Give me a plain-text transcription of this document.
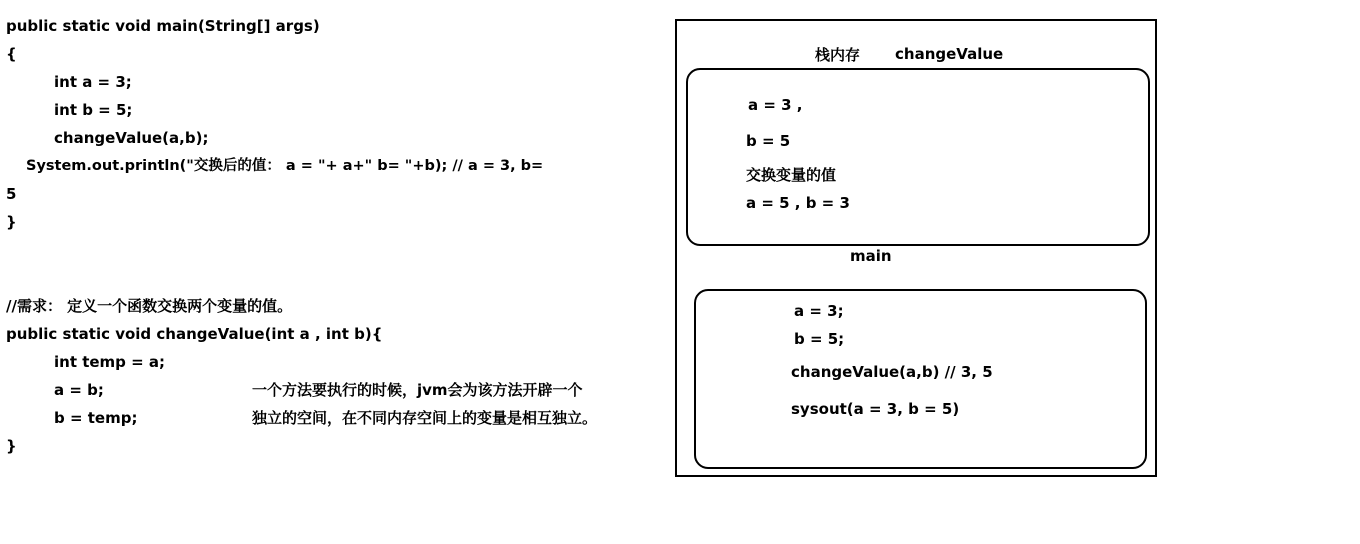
public static void main(String[] args)
{
int a = 3;
int b = 5;
changeValue(a,b);
System.out.println("交换后的值： a = "+ a+" b= "+b); // a = 3, b=
5
}
//需求： 定义一个函数交换两个变量的值。
public static void changeValue(int a , int b){
int temp = a;
a = b;
b = temp;
}
一个方法要执行的时候，jvm会为该方法开辟一个
独立的空间，在不同内存空间上的变量是相互独立。
栈内存 changeValue
a = 3 ,
b = 5
交换变量的值
a = 5 , b = 3
main
a = 3;
b = 5;
changeValue(a,b) // 3, 5
sysout(a = 3, b = 5)
